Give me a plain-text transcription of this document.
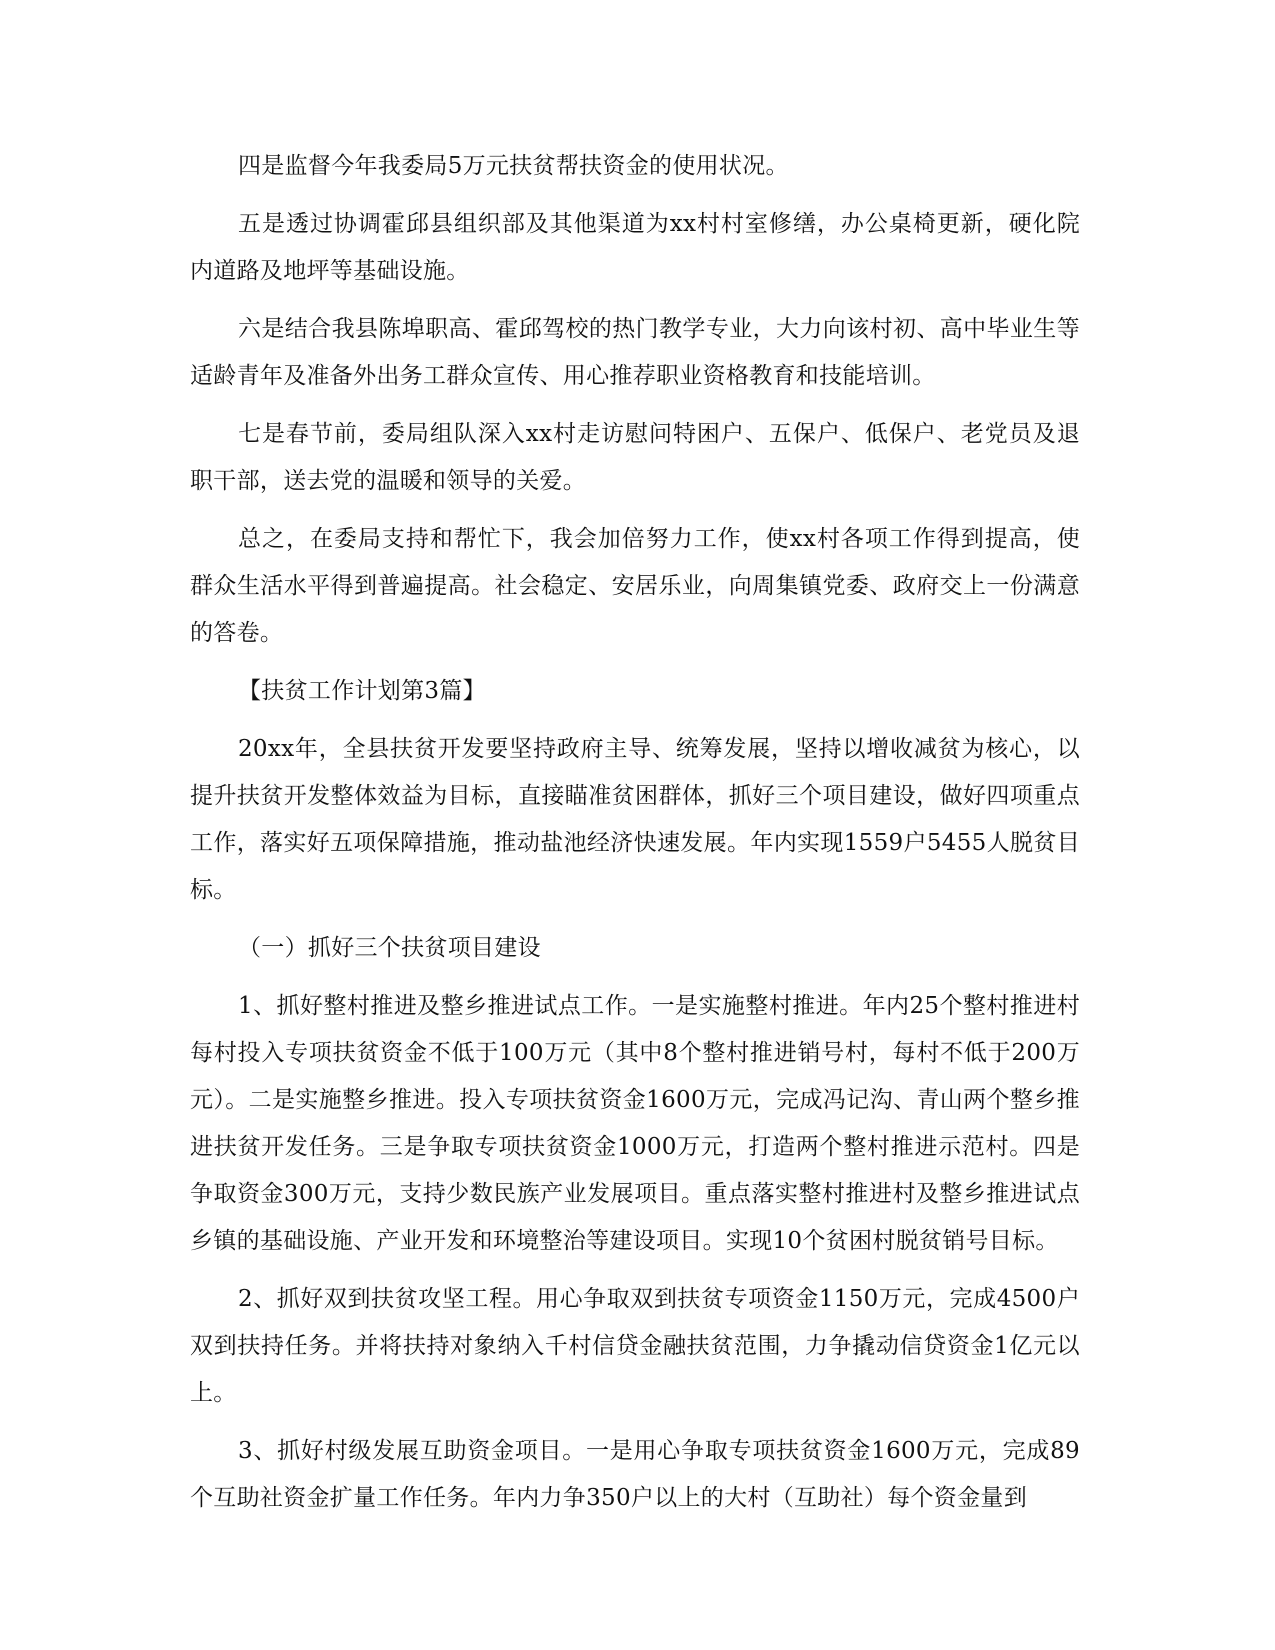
四是监督今年我委局5万元扶贫帮扶资金的使用状况。

五是透过协调霍邱县组织部及其他渠道为xx村村室修缮，办公桌椅更新，硬化院内道路及地坪等基础设施。

六是结合我县陈埠职高、霍邱驾校的热门教学专业，大力向该村初、高中毕业生等适龄青年及准备外出务工群众宣传、用心推荐职业资格教育和技能培训。

七是春节前，委局组队深入xx村走访慰问特困户、五保户、低保户、老党员及退职干部，送去党的温暖和领导的关爱。

总之，在委局支持和帮忙下，我会加倍努力工作，使xx村各项工作得到提高，使群众生活水平得到普遍提高。社会稳定、安居乐业，向周集镇党委、政府交上一份满意的答卷。

【扶贫工作计划第3篇】

20xx年，全县扶贫开发要坚持政府主导、统筹发展，坚持以增收减贫为核心，以提升扶贫开发整体效益为目标，直接瞄准贫困群体，抓好三个项目建设，做好四项重点工作，落实好五项保障措施，推动盐池经济快速发展。年内实现1559户5455人脱贫目标。

（一）抓好三个扶贫项目建设

1、抓好整村推进及整乡推进试点工作。一是实施整村推进。年内25个整村推进村每村投入专项扶贫资金不低于100万元（其中8个整村推进销号村，每村不低于200万元）。二是实施整乡推进。投入专项扶贫资金1600万元，完成冯记沟、青山两个整乡推进扶贫开发任务。三是争取专项扶贫资金1000万元，打造两个整村推进示范村。四是争取资金300万元，支持少数民族产业发展项目。重点落实整村推进村及整乡推进试点乡镇的基础设施、产业开发和环境整治等建设项目。实现10个贫困村脱贫销号目标。

2、抓好双到扶贫攻坚工程。用心争取双到扶贫专项资金1150万元，完成4500户双到扶持任务。并将扶持对象纳入千村信贷金融扶贫范围，力争撬动信贷资金1亿元以上。

3、抓好村级发展互助资金项目。一是用心争取专项扶贫资金1600万元，完成89个互助社资金扩量工作任务。年内力争350户以上的大村（互助社）每个资金量到
